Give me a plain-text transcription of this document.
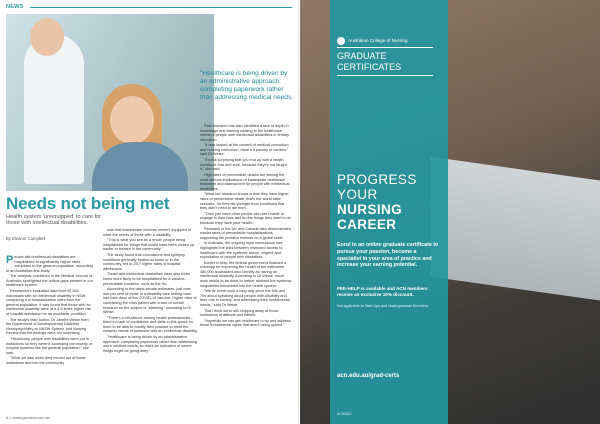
NEWS
"Healthcare is being driven by an administrative approach: completing paperwork rather than addressing medical needs.
Needs not being met
Health system 'unequipped' to care for those with intellectual disabilities.
By Eleanor Campbell

People with intellectual disabilities are hospitalised at significantly higher rates compared to the general population, according to an Australian-first study.

The analysis, published in the Medical Journal of Australia, spotlighted the critical gaps present in our healthcare system.

Researchers evaluated data from 92,542 individuals with an intellectual disability in NSW, comparing it to hospitalisation rates from the general population. It was found that those with an intellectual disability were at a 4.5 times higher risk of hospital admission for an avoidable condition.

The study's lead author, Dr Janelle Weise from the Department of Developmental Disability Neuropsychiatry at UNSW Sydney, told Nursing Review that the findings were not surprising.

"Historically, people with disabilities were put in institutions so they weren't accessing community or hospital systems like the general population," she said.

"What we saw when they moved out of these institutions and into the community

was that mainstream services weren't equipped to meet the needs of those with a disability.

"This is what you see as a result: people being hospitalised for things that would have been picked up earlier or treated in the community."

The study found that convulsions and epilepsy, conditions generally treated at home or in the community, led to 25.7 higher rates of hospital admissions.

Those with intellectual disabilities were also three times more likely to be hospitalised for a vaccine-preventable condition, such as the 'flu.

According to the latest senate estimates, just over one per cent of those in a disability care setting have had their dose of the COVID-19 vaccine. Higher risks of contracting the virus paired with a lack of overall research on the subject is "alarming" according to Dr Weise.

"There's a reluctance among health professionals... there's a lack of confidence and skills in this space for them to be able to modify their practice to meet the complex needs of someone with an intellectual disability.

"Healthcare is being driven by an administrative approach: completing paperwork rather than addressing one's medical needs, so that's an indication of where things might be going awry."

Past research has also identified a lack of depth in knowledge and training relating to the healthcare needs of people with intellectual disabilities in tertiary education.

"It was looked at the content of medical curriculum and nursing curriculum, there's a paucity of content," said Dr Weise.

"It's not surprising that you end up with a health workforce that isn't sure, because they're not taught it," she said.

High rates of preventable deaths are among the most serious implications of inadequate healthcare treatment and assessment for people with intellectual disabilities.

"What our research shows is that they have higher rates of preventable death, that's the worst case scenario. So they die younger from conditions that they didn't need to die from.

"Then you have other people who are unable to engage in their lives and do the things they want to do because they have poor health."

Research in the UK and Canada also demonstrates similar rates of preventable hospitalisations, supporting the problem extends on a global scale.

In Australia, the ongoing royal commission has highlighted the links between restricted access to healthcare with the systemic abuse, neglect and exploitation of people with disabilities.

Earlier in May, the federal government finalised a roadmap for improving the health of the estimated 480,000 Australians who identify as having an intellectual disability. According to Dr Weise, much work needs to be done to further address the systemic inequalities embedded into the health system.

"We've come such a long way since the 60s and 70s about speaking about people with disability and their role in society, and addressing their fundamental needs," said Dr Weise.

"But I think we're still chipping away at those institutions of attitude and beliefs.

"Hopefully we can get healthcare to try and address these fundamental rights that aren't being upheld."

6 | nursingreview.com.au
Australian College of Nursing
GRADUATE CERTIFICATES
PROGRESS YOUR
NURSING CAREER
Enrol in an online graduate certificate to pursue your passion, become a specialist in your area of practice and increase your earning potential.
FEE-HELP is available and ACN members receive an exclusive 10% discount.
Not applicable to Start-Ups and Undergraduate Members.
acn.edu.au/grad-certs
ACN0021
